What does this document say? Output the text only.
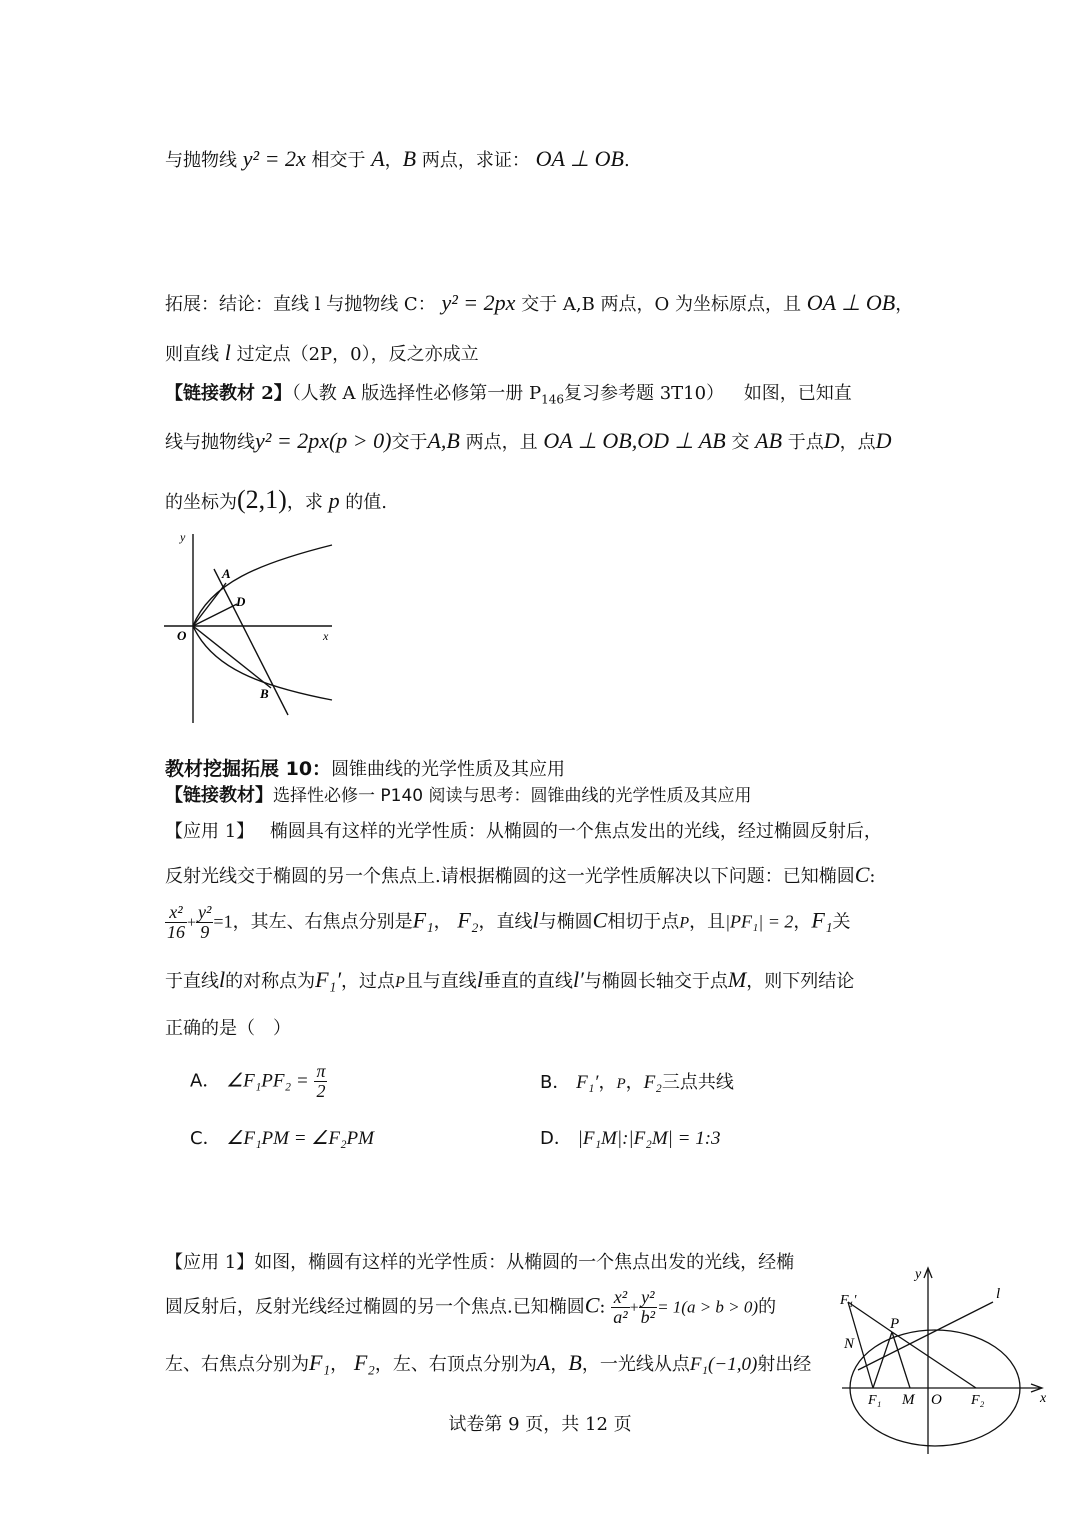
与抛物线 y² = 2x 相交于 A，B 两点，求证： OA ⊥ OB.
拓展：结论：直线 l 与抛物线 C： y² = 2px 交于 A,B 两点，O 为坐标原点，且 OA ⊥ OB，
则直线 l 过定点（2P，0），反之亦成立
【链接教材 2】（人教 A 版选择性必修第一册 $P_{146}$复习参考题 3T10） 如图，已知直
线与抛物线y² = 2px(p > 0)交于A,B 两点，且 OA ⊥ OB,OD ⊥ AB 交 AB 于点D，点D
的坐标为(2,1)，求 p 的值.
y
x
O
A
D
B
教材挖掘拓展 10：圆锥曲线的光学性质及其应用
【链接教材】选择性必修一 P140 阅读与思考：圆锥曲线的光学性质及其应用
【应用 1】 椭圆具有这样的光学性质：从椭圆的一个焦点发出的光线，经过椭圆反射后，
反射光线交于椭圆的另一个焦点上.请根据椭圆的这一光学性质解决以下问题：已知椭圆C:
$\frac{\text{x²}}{16} + \frac{\text{y²}}{9} =1$，其左、右焦点分别是F₁， F₂，直线l与椭圆C相切于点P，且|PF₁| = 2，F₁关
于直线l的对称点为F₁′，过点P且与直线l垂直的直线l′与椭圆长轴交于点M，则下列结论
正确的是（　）
A． ∠F₁PF₂ = $\frac{\pi}{2}$	B． F₁′，P，F₂三点共线
C． ∠F₁PM = ∠F₂PM	D． |F₁M|:|F₂M| = 1:3
【应用 1】如图，椭圆有这样的光学性质：从椭圆的一个焦点出发的光线，经椭
圆反射后，反射光线经过椭圆的另一个焦点.已知椭圆C: $\frac{\text{x²}}{\text{a²}} + \frac{\text{y²}}{\text{b²}} = 1(a > b > 0)$的
左、右焦点分别为F₁， F₂，左、右顶点分别为A，B，一光线从点F₁(−1,0)射出经
y
x
l
F₁′
N
P
F₁ M O F₂
试卷第 9 页，共 12 页
